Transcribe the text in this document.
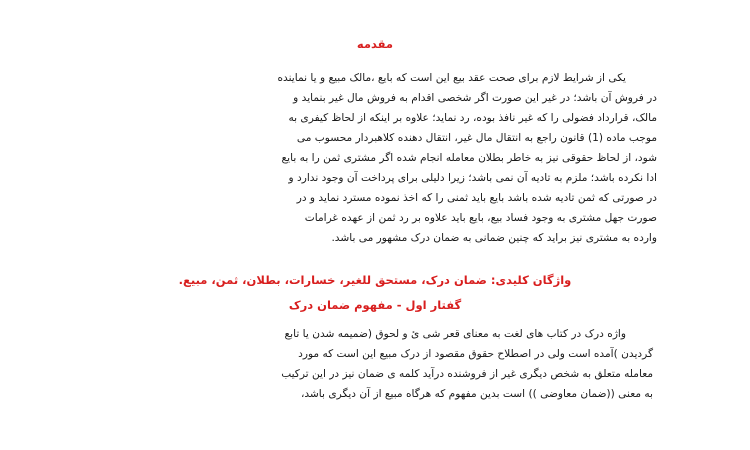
مقدمه
یکی از شرایط لازم برای صحت عقد بیع این است که بایع ،مالک مبیع و یا نماینده
در فروش آن باشد؛ در غیر این صورت اگر شخصی اقدام به فروش مال غیر بنماید و
مالک، قرارداد فضولی را که غیر نافذ بوده، رد نماید؛ علاوه بر اینکه از لحاظ کیفری به
موجب ماده (1) قانون راجع به انتقال مال غیر، انتقال دهنده کلاهبردار محسوب می
شود، از لحاظ حقوقی نیز به خاطر بطلان معامله انجام شده اگر مشتری ثمن را به بایع
ادا نکرده باشد؛ ملزم به تادیه آن نمی باشد؛ زیرا دلیلی برای پرداخت آن وجود ندارد و
در صورتی که ثمن تادیه شده باشد بایع باید ثمنی را که اخذ نموده مسترد نماید و در
صورت جهل مشتری به وجود فساد بیع، بایع باید علاوه بر رد ثمن از عهده غرامات
وارده به مشتری نیز براید که چنین ضمانی به ضمان درک مشهور می باشد.
واژگان کلیدی: ضمان درک، مستحق للغیر، خسارات، بطلان، ثمن، مبیع.
گفتار اول - مفهوم ضمان درک
واژه درک در کتاب های لغت به معنای قعر شی ئ و لحوق (ضمیمه شدن یا تابع
گردیدن )آمده است ولی در اصطلاح حقوق مقصود از درک مبیع این است که مورد
معامله متعلق به شخص دیگری غیر از فروشنده درآید کلمه ی ضمان نیز در این ترکیب
به معنی ((ضمان معاوضی )) است بدین مفهوم که هرگاه مبیع از آن دیگری باشد،
